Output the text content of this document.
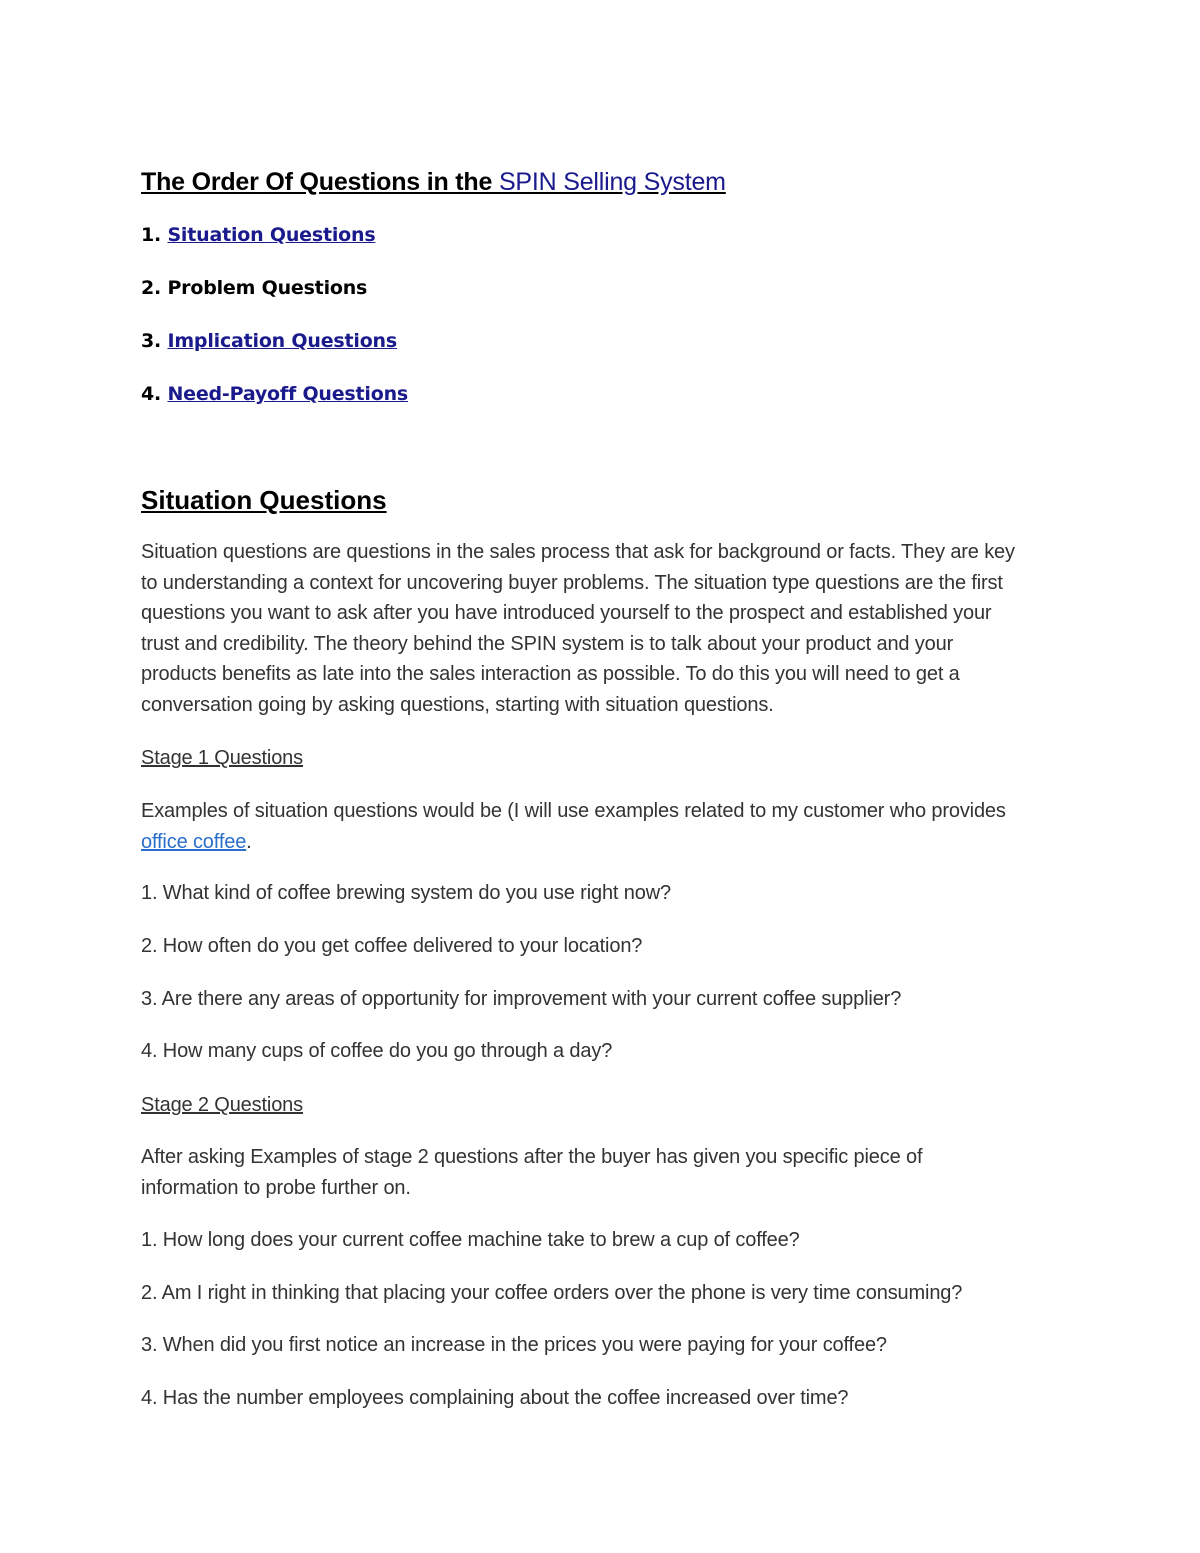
The Order Of Questions in the SPIN Selling System

1. Situation Questions

2. Problem Questions

3. Implication Questions

4. Need-Payoff Questions

Situation Questions
Situation questions are questions in the sales process that ask for background or facts. They are key
to understanding a context for uncovering buyer problems. The situation type questions are the first
questions you want to ask after you have introduced yourself to the prospect and established your
trust and credibility. The theory behind the SPIN system is to talk about your product and your
products benefits as late into the sales interaction as possible. To do this you will need to get a
conversation going by asking questions, starting with situation questions.

Stage 1 Questions

Examples of situation questions would be (I will use examples related to my customer who provides
office coffee.

1. What kind of coffee brewing system do you use right now?

2. How often do you get coffee delivered to your location?

3. Are there any areas of opportunity for improvement with your current coffee supplier?

4. How many cups of coffee do you go through a day?

Stage 2 Questions

After asking Examples of stage 2 questions after the buyer has given you specific piece of
information to probe further on.

1. How long does your current coffee machine take to brew a cup of coffee?

2. Am I right in thinking that placing your coffee orders over the phone is very time consuming?

3. When did you first notice an increase in the prices you were paying for your coffee?

4. Has the number employees complaining about the coffee increased over time?
